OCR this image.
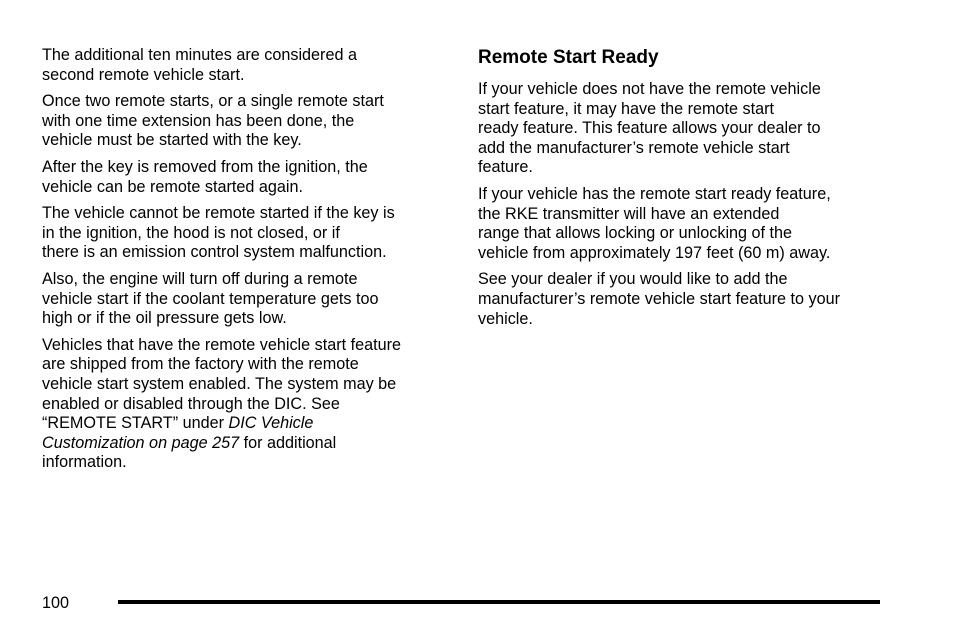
The additional ten minutes are considered a
second remote vehicle start.

Once two remote starts, or a single remote start
with one time extension has been done, the
vehicle must be started with the key.

After the key is removed from the ignition, the
vehicle can be remote started again.

The vehicle cannot be remote started if the key is
in the ignition, the hood is not closed, or if
there is an emission control system malfunction.

Also, the engine will turn off during a remote
vehicle start if the coolant temperature gets too
high or if the oil pressure gets low.

Vehicles that have the remote vehicle start feature
are shipped from the factory with the remote
vehicle start system enabled. The system may be
enabled or disabled through the DIC. See
“REMOTE START” under DIC Vehicle
Customization on page 257 for additional
information.

Remote Start Ready

If your vehicle does not have the remote vehicle
start feature, it may have the remote start
ready feature. This feature allows your dealer to
add the manufacturer’s remote vehicle start
feature.

If your vehicle has the remote start ready feature,
the RKE transmitter will have an extended
range that allows locking or unlocking of the
vehicle from approximately 197 feet (60 m) away.

See your dealer if you would like to add the
manufacturer’s remote vehicle start feature to your
vehicle.

100
